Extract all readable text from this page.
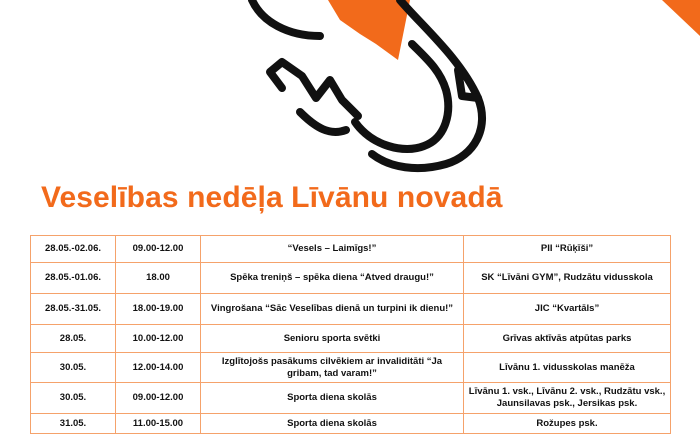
Veselības nedēļa Līvānu novadā
28.05.-02.06.	09.00-12.00	“Vesels – Laimīgs!”	PII “Rūķīši”
28.05.-01.06.	18.00	Spēka treniņš – spēka diena “Atved draugu!”	SK “Līvāni GYM”, Rudzātu vidusskola
28.05.-31.05.	18.00-19.00	Vingrošana “Sāc Veselības dienā un turpini ik dienu!”	JIC “Kvartāls”
28.05.	10.00-12.00	Senioru sporta svētki	Grīvas aktīvās atpūtas parks
30.05.	12.00-14.00	Izglītojošs pasākums cilvēkiem ar invaliditāti “Ja gribam, tad varam!”	Līvānu 1. vidusskolas manēža
30.05.	09.00-12.00	Sporta diena skolās	Līvānu 1. vsk., Līvānu 2. vsk., Rudzātu vsk., Jaunsilavas psk., Jersikas psk.
31.05.	11.00-15.00	Sporta diena skolās	Rožupes psk.
